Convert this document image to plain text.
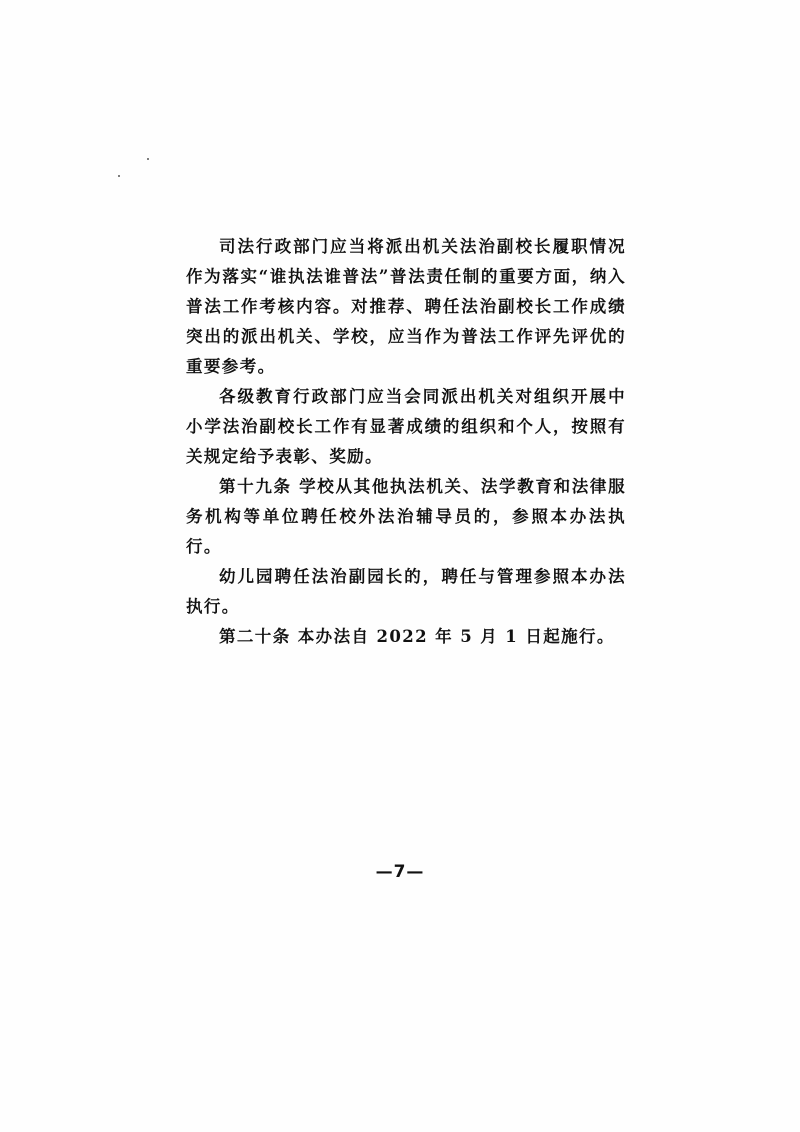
司法行政部门应当将派出机关法治副校长履职情况作为落实“谁执法谁普法”普法责任制的重要方面，纳入普法工作考核内容。对推荐、聘任法治副校长工作成绩突出的派出机关、学校，应当作为普法工作评先评优的重要参考。

各级教育行政部门应当会同派出机关对组织开展中小学法治副校长工作有显著成绩的组织和个人，按照有关规定给予表彰、奖励。

第十九条 学校从其他执法机关、法学教育和法律服务机构等单位聘任校外法治辅导员的，参照本办法执行。

幼儿园聘任法治副园长的，聘任与管理参照本办法执行。

第二十条 本办法自 2022 年 5 月 1 日起施行。

—7—
